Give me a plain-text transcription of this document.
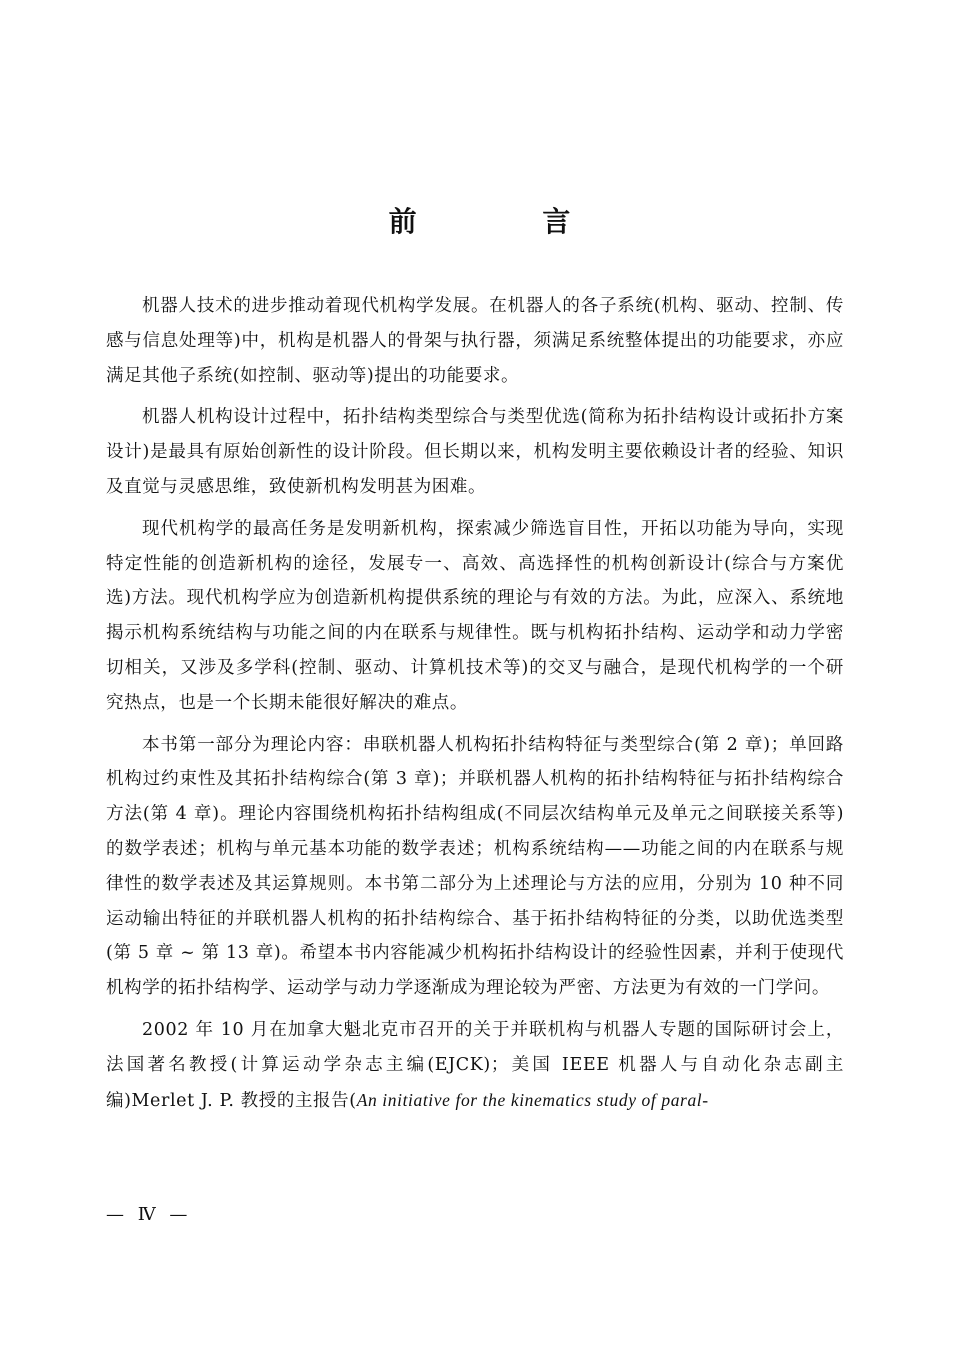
前 言

机器人技术的进步推动着现代机构学发展。在机器人的各子系统(机构、驱动、控制、传感与信息处理等)中，机构是机器人的骨架与执行器，须满足系统整体提出的功能要求，亦应满足其他子系统(如控制、驱动等)提出的功能要求。

机器人机构设计过程中，拓扑结构类型综合与类型优选(简称为拓扑结构设计或拓扑方案设计)是最具有原始创新性的设计阶段。但长期以来，机构发明主要依赖设计者的经验、知识及直觉与灵感思维，致使新机构发明甚为困难。

现代机构学的最高任务是发明新机构，探索减少筛选盲目性，开拓以功能为导向，实现特定性能的创造新机构的途径，发展专一、高效、高选择性的机构创新设计(综合与方案优选)方法。现代机构学应为创造新机构提供系统的理论与有效的方法。为此，应深入、系统地揭示机构系统结构与功能之间的内在联系与规律性。既与机构拓扑结构、运动学和动力学密切相关，又涉及多学科(控制、驱动、计算机技术等)的交叉与融合，是现代机构学的一个研究热点，也是一个长期未能很好解决的难点。

本书第一部分为理论内容：串联机器人机构拓扑结构特征与类型综合(第 2 章)；单回路机构过约束性及其拓扑结构综合(第 3 章)；并联机器人机构的拓扑结构特征与拓扑结构综合方法(第 4 章)。理论内容围绕机构拓扑结构组成(不同层次结构单元及单元之间联接关系等)的数学表述；机构与单元基本功能的数学表述；机构系统结构——功能之间的内在联系与规律性的数学表述及其运算规则。本书第二部分为上述理论与方法的应用，分别为 10 种不同运动输出特征的并联机器人机构的拓扑结构综合、基于拓扑结构特征的分类，以助优选类型(第 5 章 ~ 第 13 章)。希望本书内容能减少机构拓扑结构设计的经验性因素，并利于使现代机构学的拓扑结构学、运动学与动力学逐渐成为理论较为严密、方法更为有效的一门学问。

2002 年 10 月在加拿大魁北克市召开的关于并联机构与机器人专题的国际研讨会上，法国著名教授(计算运动学杂志主编(EJCK)；美国 IEEE 机器人与自动化杂志副主编)Merlet J. P. 教授的主报告(An initiative for the kinematics study of paral-

— Ⅳ —
